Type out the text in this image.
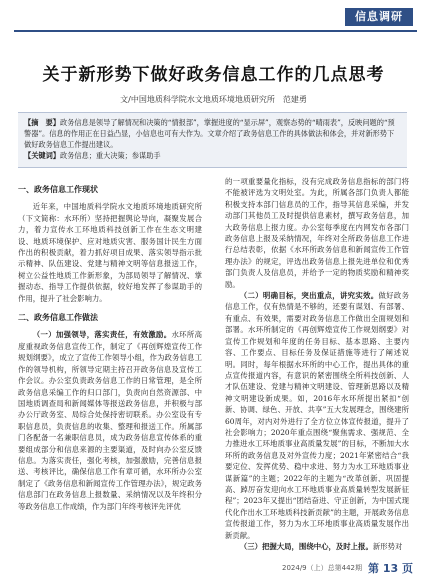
信息调研
关于新形势下做好政务信息工作的几点思考
文/中国地质科学院水文地质环境地质研究所　范建勇
【摘　要】政务信息是领导了解情况和决策的“情报部”，掌握进度的“显示屏”，观察态势的“晴雨表”，反映问题的“预警器”。信息的作用正在日益凸显，小信息也可有大作为。文章介绍了政务信息工作的具体做法和体会，并对新形势下做好政务信息工作提出建议。
【关键词】政务信息；重大决策；参谋助手
一、政务信息工作现状

近年来，中国地质科学院水文地质环境地质研究所（下文简称：水环所）坚持把握舆论导向，凝聚发展合力，着力宣传水工环地质科技创新工作在生态文明建设、地质环境保护、应对地质灾害、服务国计民生方面作出的积极贡献，着力抓好项目成果、落实领导指示批示精神、队伍建设、党建与精神文明等信息报送工作，树立公益性地质工作新形象，为部局领导了解情况、掌握动态、指导工作提供依据，较好地发挥了参谋助手的作用，提升了社会影响力。

二、政务信息工作做法

（一）加强领导，落实责任，有效激励。水环所高度重视政务信息宣传工作，制定了《再创辉煌宣传工作规划纲要》，成立了宣传工作领导小组，作为政务信息工作的领导机构，所领导定期主持召开政务信息及宣传工作会议。办公室负责政务信息工作的日常管理，是全所政务信息采编工作的归口部门，负责向自然资源部、中国地质调查局和新闻媒体等报送政务信息，并积极与部办公厅政务室、局综合处保持密切联系。办公室设有专职信息员，负责信息的收集、整理和报送工作。所属部门各配备一名兼职信息员，成为政务信息宣传体系的重要组成部分和信息来源的主要渠道，及时向办公室反馈信息。为落实责任，强化考核，加强激励，完善信息报送、考核评比，确保信息工作有章可循，水环所办公室制定了《政务信息和新闻宣传工作管理办法》，规定政务信息部门在政务信息上报数量、采纳情况以及年终积分等政务信息工作成绩，作为部门年终考核评先评优

的一项重要量化指标，没有完成政务信息指标的部门将不能被评选为文明处室。为此，所属各部门负责人都能积极支持本部门信息员的工作，指导其信息采编，并发动部门其他员工及时提供信息素材，撰写政务信息，加大政务信息上报力度。办公室每季度在内网发布各部门政务信息上报及采纳情况，年终对全所政务信息工作进行总结表彰，依据《水环所政务信息和新闻宣传工作管理办法》的规定，评选出政务信息上报先进单位和优秀部门负责人及信息员，并给予一定的物质奖励和精神奖励。

（二）明确目标，突出重点，讲究实效。做好政务信息工作，仅有热情是不够的，还要有谋划、有部署、有重点、有效果，需要对政务信息工作做出全面规划和部署。水环所制定的《再创辉煌宣传工作规划纲要》对宣传工作规划和年度的任务目标、基本思路、主要内容、工作要点、目标任务及保证措施等进行了阐述说明。同时，每年根据水环所的中心工作，提出具体的重点宣传报道内容，有意识的紧密围绕全所科技创新、人才队伍建设、党建与精神文明建设、管理新思路以及精神文明建设新成果。如，2016年水环所提出紧扣“创新、协调、绿色、开放、共享”五大发展理念，围绕建所60周年，对内对外进行了全方位立体宣传报道，提升了社会影响力；2020年重点围绕“聚焦需求、强规范、全力推进水工环地质事业高质量发展”的目标，不断加大水环所的政务信息及对外宣传力度；2021年紧密结合“我要定位、发挥优势、稳中求进、努力为水工环地质事业谋新篇”的主题；2022年的主题为“改革创新、巩固提高、踔厉奋发迎向水工环地质事业高质量转型发展新征程”；2023年又提出“团结奋进、守正创新，为中国式现代化作出水工环地质科技新贡献”的主题，开展政务信息宣传报道工作，努力为水工环地质事业高质量发展作出新贡献。

（三）把握大局，围绕中心，及时上报。新形势对

2024/9（上）总第442期 第 13 页
